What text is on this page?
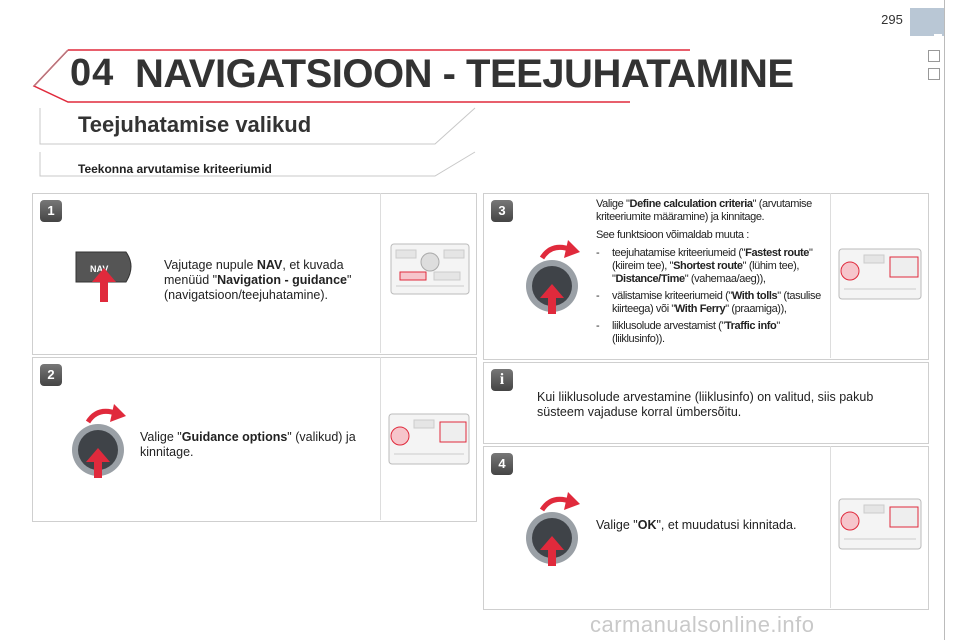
295
04 NAVIGATSIOON - TEEJUHATAMINE
Teejuhatamise valikud
Teekonna arvutamise kriteeriumid
1
NAV	Vajutage nupule NAV, et kuvada menüüd "Navigation - guidance" (navigatsioon/teejuhatamine).
2
Valige "Guidance options" (valikud) ja kinnitage.
3	Valige "Define calculation criteria" (arvutamise kriteeriumite määramine) ja kinnitage.

See funktsioon võimaldab muuta :

-	teejuhatamise kriteeriumeid ("Fastest route" (kiireim tee), "Shortest route" (lühim tee), "Distance/Time" (vahemaa/aeg)),
-	välistamise kriteeriumeid ("With tolls" (tasulise kiirteega) või "With Ferry" (praamiga)),
-	liiklusolude arvestamist ("Traffic info" (liiklusinfo)).
i
Kui liiklusolude arvestamine (liiklusinfo) on valitud, siis pakub süsteem vajaduse korral ümbersõitu.
4
Valige "OK", et muudatusi kinnitada.
carmanualsonline.info
